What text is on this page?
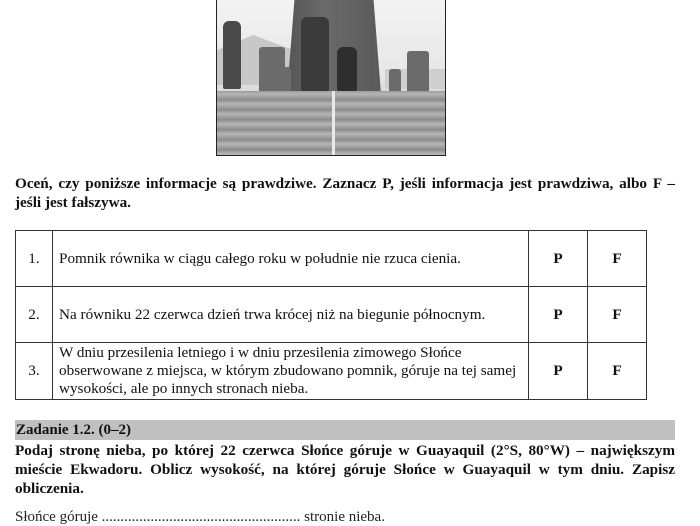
Oceń, czy poniższe informacje są prawdziwe. Zaznacz P, jeśli informacja jest prawdziwa, albo F – jeśli jest fałszywa.
1.	Pomnik równika w ciągu całego roku w południe nie rzuca cienia.	P	F
2.	Na równiku 22 czerwca dzień trwa krócej niż na biegunie północnym.	P	F
3.	W dniu przesilenia letniego i w dniu przesilenia zimowego Słońce obserwowane z miejsca, w którym zbudowano pomnik, góruje na tej samej wysokości, ale po innych stronach nieba.	P	F
Zadanie 1.2. (0–2)
Podaj stronę nieba, po której 22 czerwca Słońce góruje w Guayaquil (2°S, 80°W) – największym mieście Ekwadoru. Oblicz wysokość, na której góruje Słońce w Guayaquil w tym dniu. Zapisz obliczenia.
Słońce góruje ..................................................... stronie nieba.
